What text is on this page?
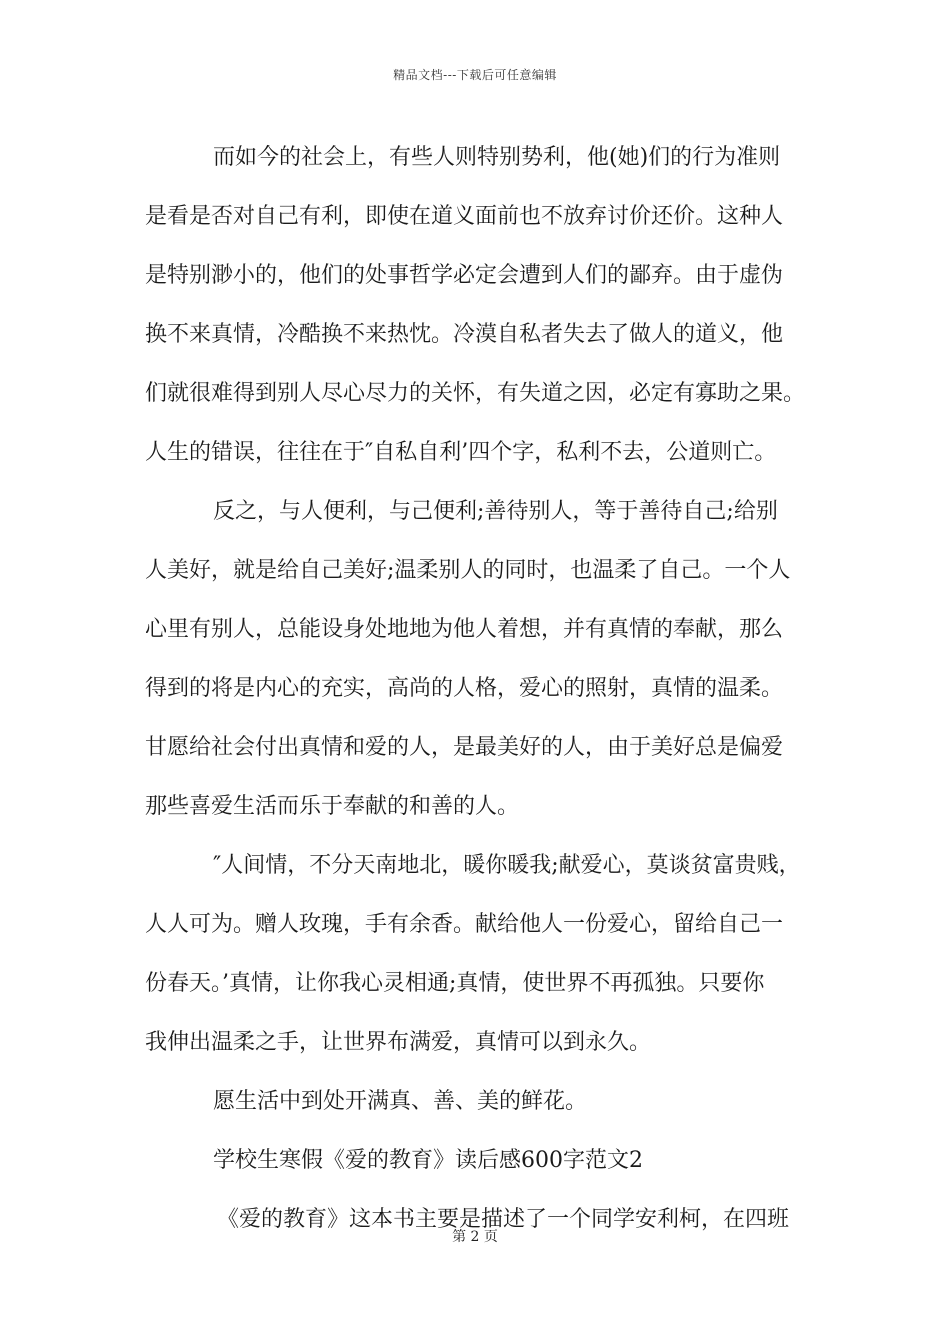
精品文档---下载后可任意编辑
而如今的社会上，有些人则特别势利，他(她)们的行为准则
是看是否对自己有利，即使在道义面前也不放弃讨价还价。这种人
是特别渺小的，他们的处事哲学必定会遭到人们的鄙弃。由于虚伪
换不来真情，冷酷换不来热忱。冷漠自私者失去了做人的道义，他
们就很难得到别人尽心尽力的关怀，有失道之因，必定有寡助之果。
人生的错误，往往在于″自私自利’四个字，私利不去，公道则亡。
反之，与人便利，与己便利;善待别人，等于善待自己;给别
人美好，就是给自己美好;温柔别人的同时，也温柔了自己。一个人
心里有别人，总能设身处地地为他人着想，并有真情的奉献，那么
得到的将是内心的充实，高尚的人格，爱心的照射，真情的温柔。
甘愿给社会付出真情和爱的人，是最美好的人，由于美好总是偏爱
那些喜爱生活而乐于奉献的和善的人。
″人间情，不分天南地北，暖你暖我;献爱心，莫谈贫富贵贱，
人人可为。赠人玫瑰，手有余香。献给他人一份爱心，留给自己一
份春天。’真情，让你我心灵相通;真情，使世界不再孤独。只要你
我伸出温柔之手，让世界布满爱，真情可以到永久。
愿生活中到处开满真、善、美的鲜花。
学校生寒假《爱的教育》读后感600字范文2
《爱的教育》这本书主要是描述了一个同学安利柯，在四班
第 2 页
